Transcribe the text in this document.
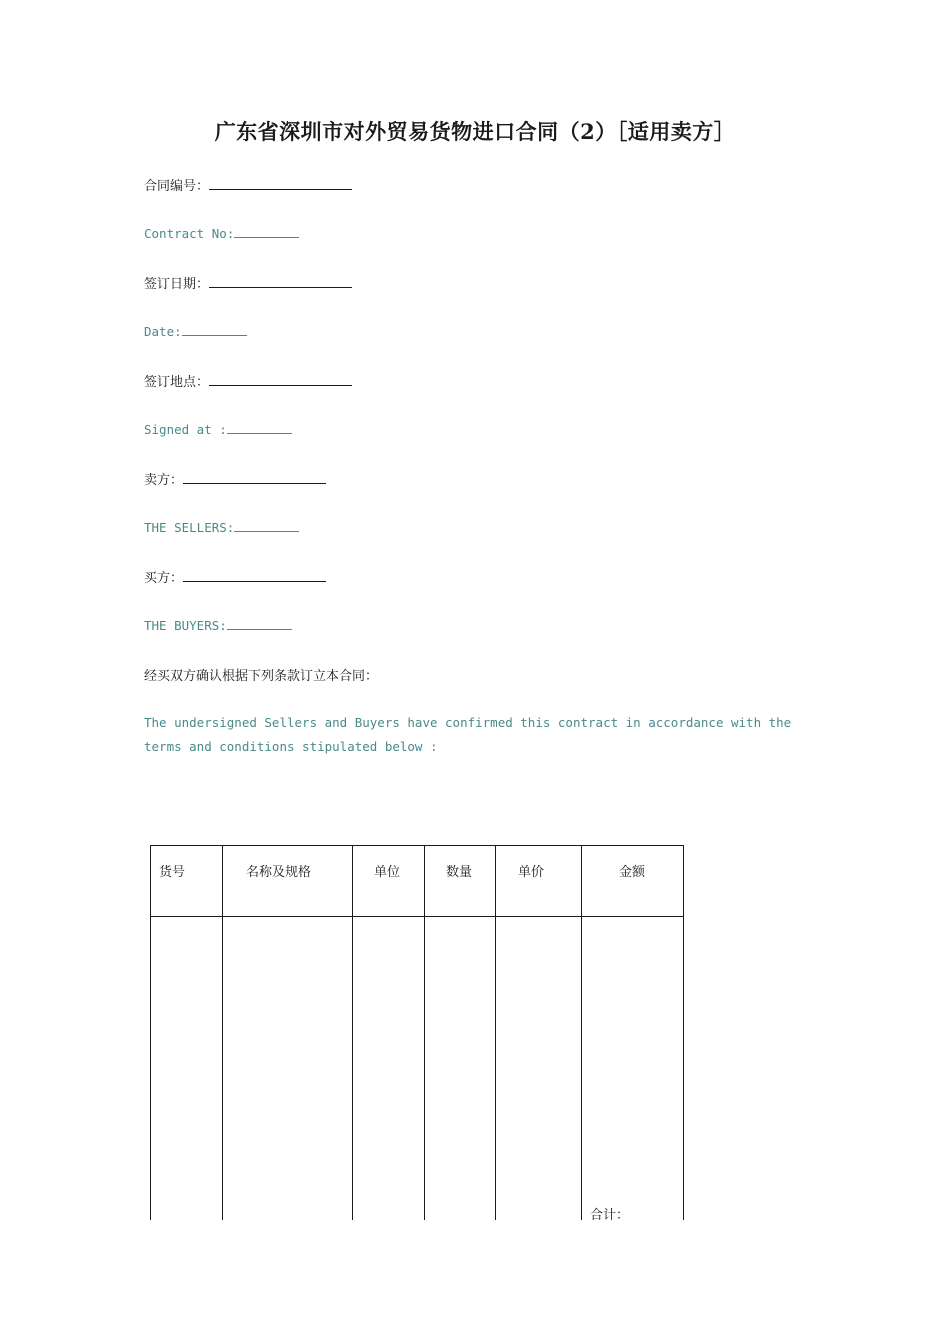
广东省深圳市对外贸易货物进口合同（2）［适用卖方］
合同编号：
Contract No:
签订日期：
Date:
签订地点：
Signed at :
卖方：
THE SELLERS:
买方：
THE BUYERS:
经买双方确认根据下列条款订立本合同：
The undersigned Sellers and Buyers have confirmed this contract in accordance with the terms and conditions stipulated below :
货号	名称及规格	单位	数量	单价	金额
合计：
